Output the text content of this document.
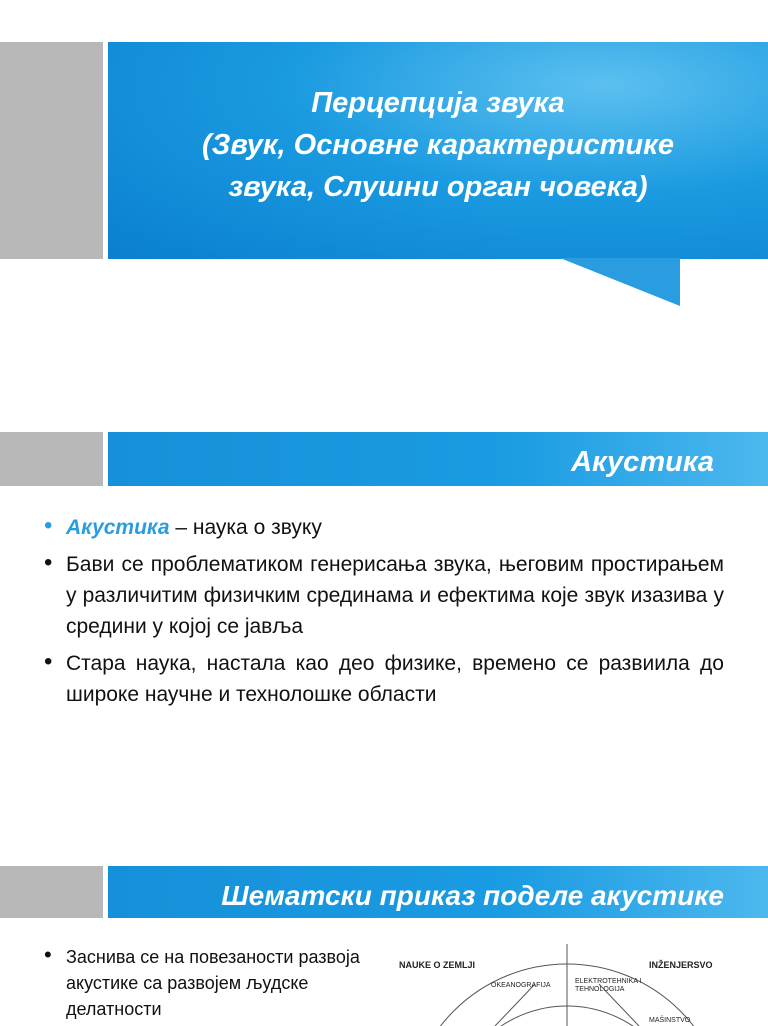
Перцепција звука
(Звук, Основне карактеристике
звука, Слушни орган човека)
Акустика
• Акустика – наука о звуку
• Бави се проблематиком генерисања звука, његовим простирањем у различитим физичким срединама и ефектима које звук изазива у средини у којој се јавља
• Стара наука, настала као део физике, временo се развиила до широке научне и технолошке области
Шематски приказ поделе акустике
• Заснива се на повезаности развоја акустике са развојем људске делатности
NAUKE O ZEMLJI	INŽENJERSVO
OKEANOGRAFIJA
ELEKTROTEHNIKA I TEHNOLOGIJA
MAŠINSTVO
